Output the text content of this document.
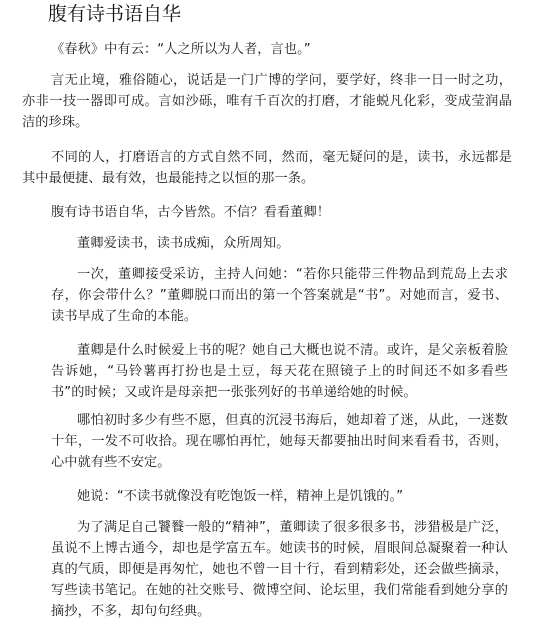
腹有诗书语自华

《春秋》中有云：“人之所以为人者，言也。”

言无止境，雅俗随心，说话是一门广博的学问，要学好，终非一日一时之功，亦非一技一器即可成。言如沙砾，唯有千百次的打磨，才能蜕凡化彩，变成莹润晶洁的珍珠。

不同的人，打磨语言的方式自然不同，然而，毫无疑问的是，读书，永远都是其中最便捷、最有效，也最能持之以恒的那一条。

腹有诗书语自华，古今皆然。不信？看看董卿！

董卿爱读书，读书成痴，众所周知。

一次，董卿接受采访，主持人问她：“若你只能带三件物品到荒岛上去求存，你会带什么？”董卿脱口而出的第一个答案就是“书”。对她而言，爱书、读书早成了生命的本能。

董卿是什么时候爱上书的呢？她自己大概也说不清。或许，是父亲板着脸告诉她，“马铃薯再打扮也是土豆，每天花在照镜子上的时间还不如多看些书”的时候；又或许是母亲把一张张列好的书单递给她的时候。

哪怕初时多少有些不愿，但真的沉浸书海后，她却着了迷，从此，一迷数十年，一发不可收拾。现在哪怕再忙，她每天都要抽出时间来看看书，否则，心中就有些不安定。

她说：“不读书就像没有吃饱饭一样，精神上是饥饿的。”

为了满足自己饕餮一般的“精神”，董卿读了很多很多书，涉猎极是广泛，虽说不上博古通今，却也是学富五车。她读书的时候，眉眼间总凝聚着一种认真的气质，即便是再匆忙，她也不曾一目十行，看到精彩处，还会做些摘录，写些读书笔记。在她的社交账号、微博空间、论坛里，我们常能看到她分享的摘抄，不多，却句句经典。
